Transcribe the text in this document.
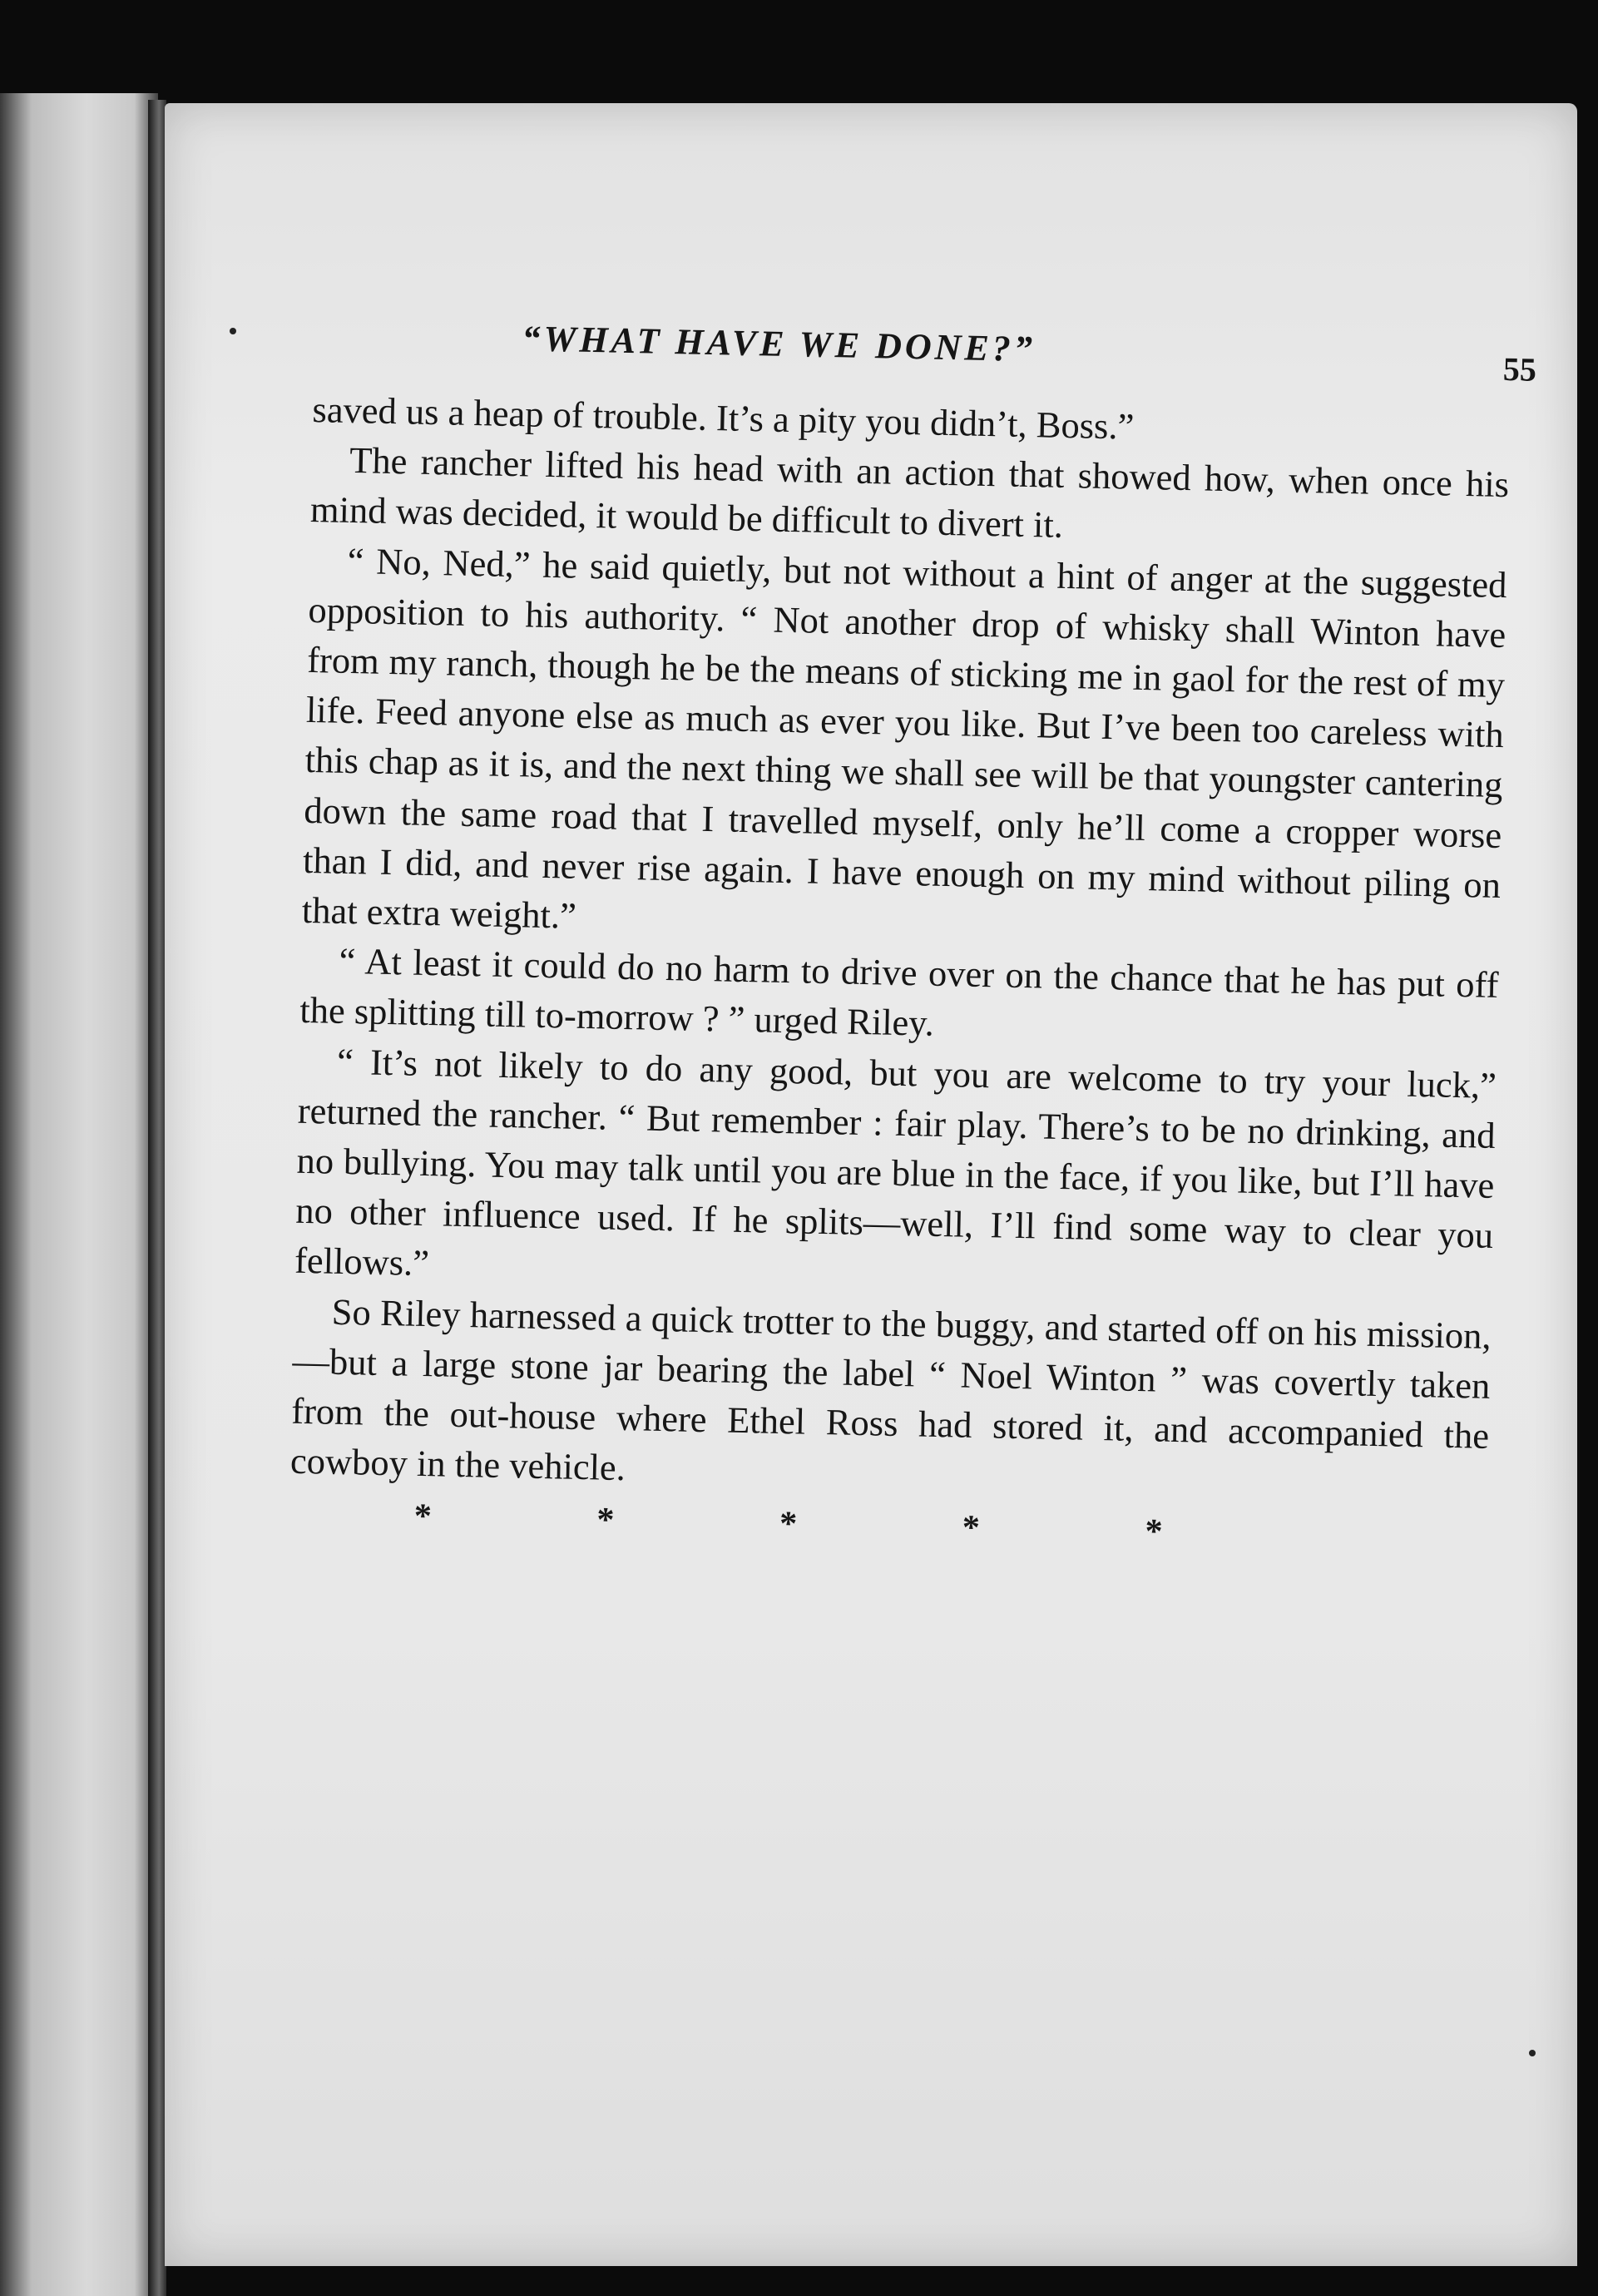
“WHAT HAVE WE DONE?”	55

saved us a heap of trouble. It’s a pity you didn’t, Boss.”

The rancher lifted his head with an action that showed how, when once his mind was decided, it would be difficult to divert it.

“ No, Ned,” he said quietly, but not without a hint of anger at the suggested opposition to his authority. “ Not another drop of whisky shall Winton have from my ranch, though he be the means of sticking me in gaol for the rest of my life. Feed anyone else as much as ever you like. But I’ve been too careless with this chap as it is, and the next thing we shall see will be that youngster cantering down the same road that I travelled myself, only he’ll come a cropper worse than I did, and never rise again. I have enough on my mind without piling on that extra weight.”

“ At least it could do no harm to drive over on the chance that he has put off the splitting till to-morrow ? ” urged Riley.

“ It’s not likely to do any good, but you are welcome to try your luck,” returned the rancher. “ But remember : fair play. There’s to be no drinking, and no bullying. You may talk until you are blue in the face, if you like, but I’ll have no other influence used. If he splits—well, I’ll find some way to clear you fellows.”

So Riley harnessed a quick trotter to the buggy, and started off on his mission,—but a large stone jar bearing the label “ Noel Winton ” was covertly taken from the out-house where Ethel Ross had stored it, and accompanied the cowboy in the vehicle.

*	*	*	*	*
